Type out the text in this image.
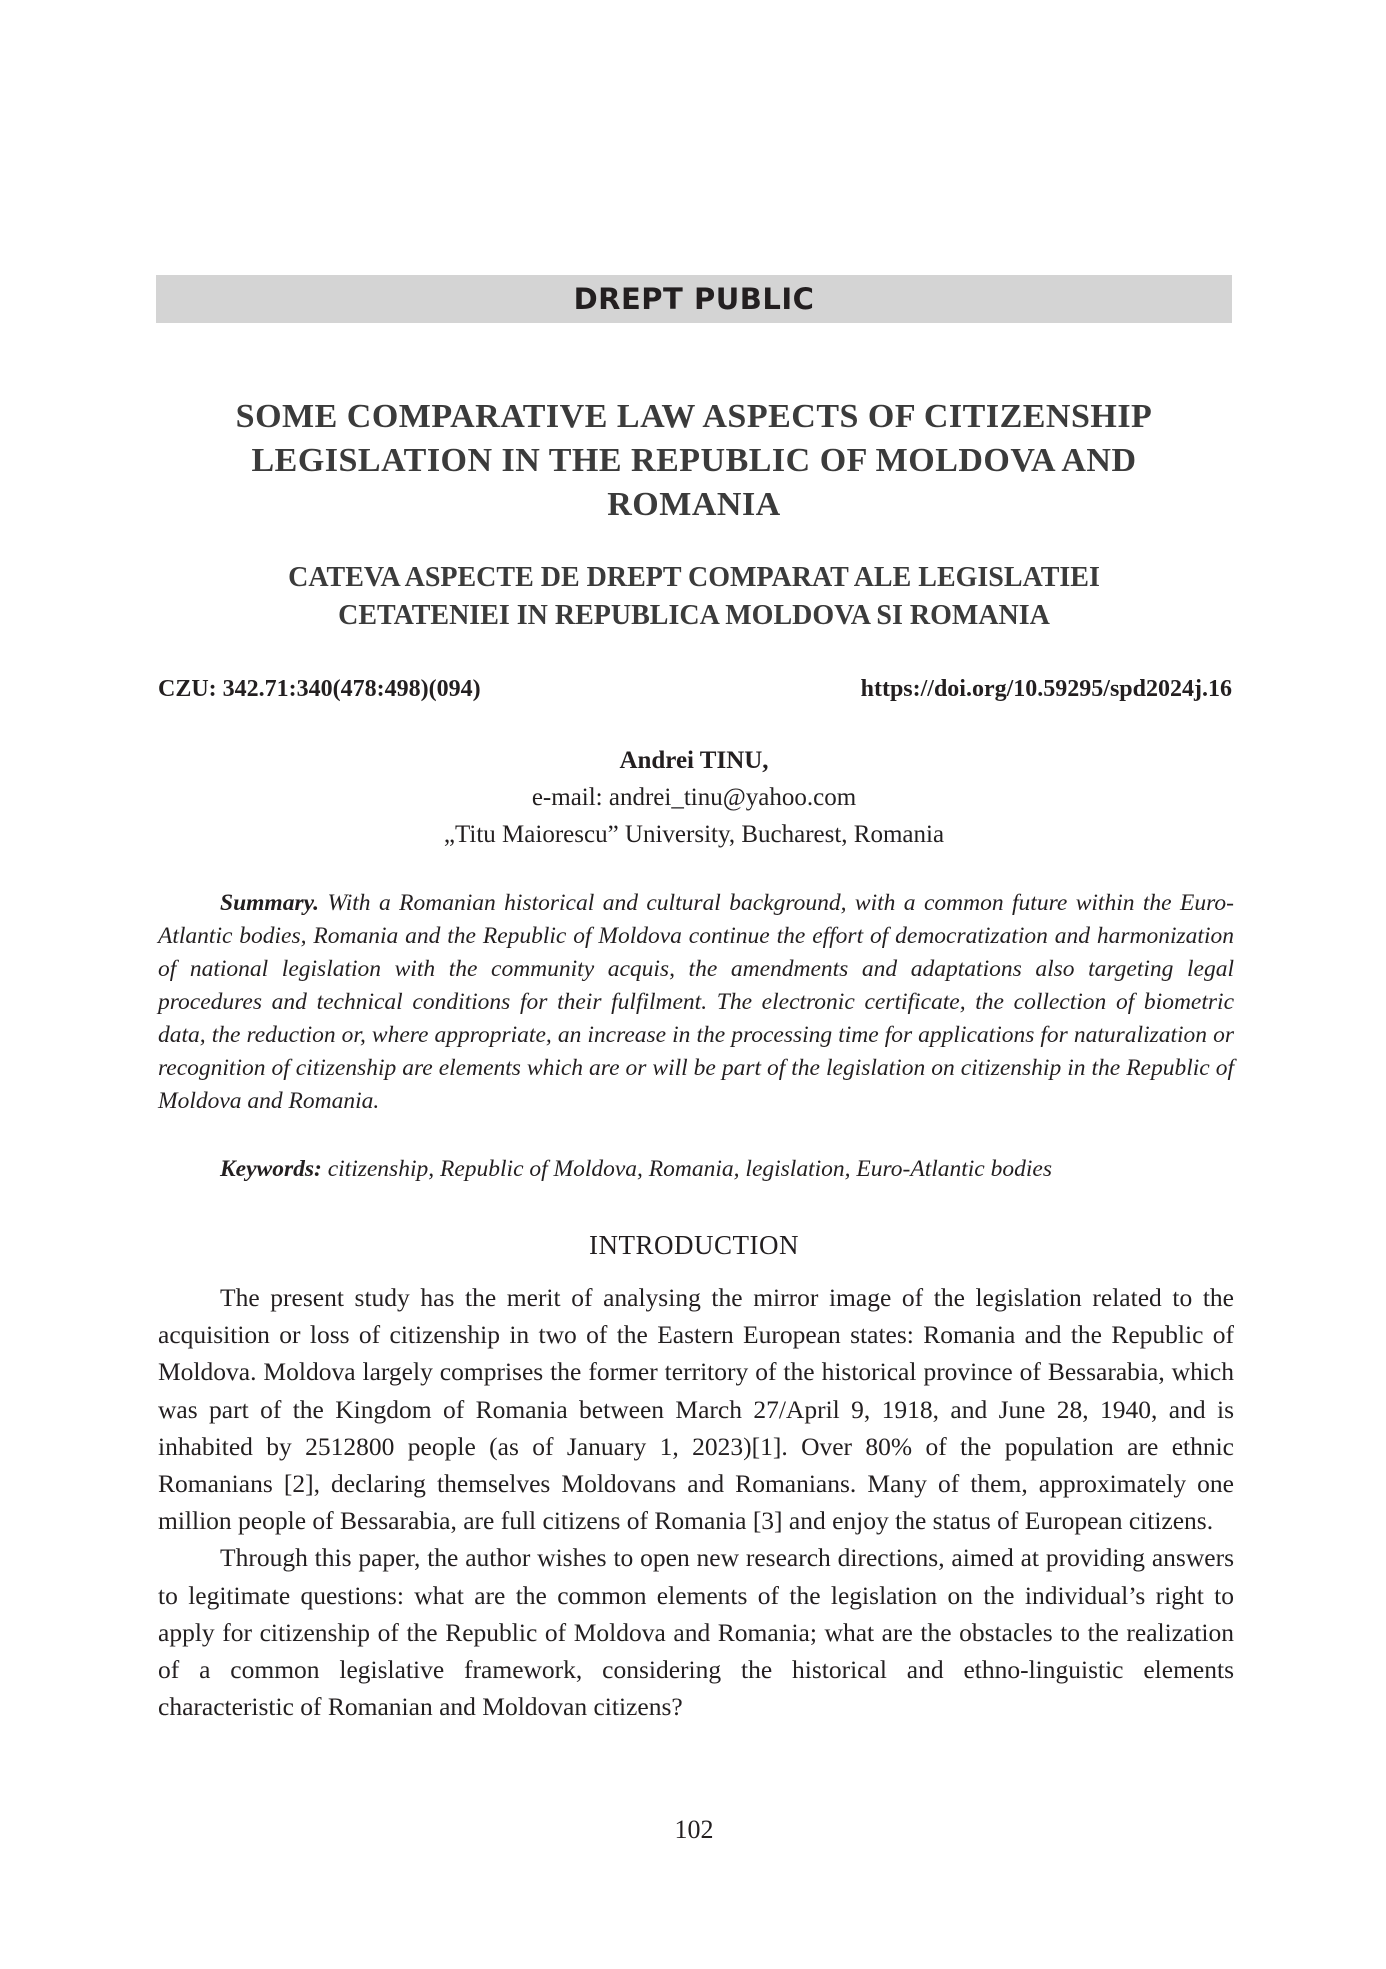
DREPT PUBLIC
SOME COMPARATIVE LAW ASPECTS OF CITIZENSHIP
LEGISLATION IN THE REPUBLIC OF MOLDOVA AND
ROMANIA
CATEVA ASPECTE DE DREPT COMPARAT ALE LEGISLATIEI
CETATENIEI IN REPUBLICA MOLDOVA SI ROMANIA
CZU: 342.71:340(478:498)(094)	https://doi.org/10.59295/spd2024j.16
Andrei TINU,
e-mail: andrei_tinu@yahoo.com
„Titu Maiorescu” University, Bucharest, Romania

Summary. With a Romanian historical and cultural background, with a common future within the Euro-Atlantic bodies, Romania and the Republic of Moldova continue the effort of democratization and harmonization of national legislation with the community acquis, the amendments and adaptations also targeting legal procedures and technical conditions for their fulfilment. The electronic certificate, the collection of biometric data, the reduction or, where appropriate, an increase in the processing time for applications for naturalization or recognition of citizenship are elements which are or will be part of the legislation on citizenship in the Republic of Moldova and Romania.

Keywords: citizenship, Republic of Moldova, Romania, legislation, Euro-Atlantic bodies
INTRODUCTION

The present study has the merit of analysing the mirror image of the legislation related to the acquisition or loss of citizenship in two of the Eastern European states: Romania and the Republic of Moldova. Moldova largely comprises the former territory of the historical province of Bessarabia, which was part of the Kingdom of Romania between March 27/April 9, 1918, and June 28, 1940, and is inhabited by 2512800 people (as of January 1, 2023)[1]. Over 80% of the population are ethnic Romanians [2], declaring themselves Moldovans and Romanians. Many of them, approximately one million people of Bessarabia, are full citizens of Romania [3] and enjoy the status of European citizens.

Through this paper, the author wishes to open new research directions, aimed at providing answers to legitimate questions: what are the common elements of the legislation on the individual’s right to apply for citizenship of the Republic of Moldova and Romania; what are the obstacles to the realization of a common legislative framework, considering the historical and ethno-linguistic elements characteristic of Romanian and Moldovan citizens?

102
